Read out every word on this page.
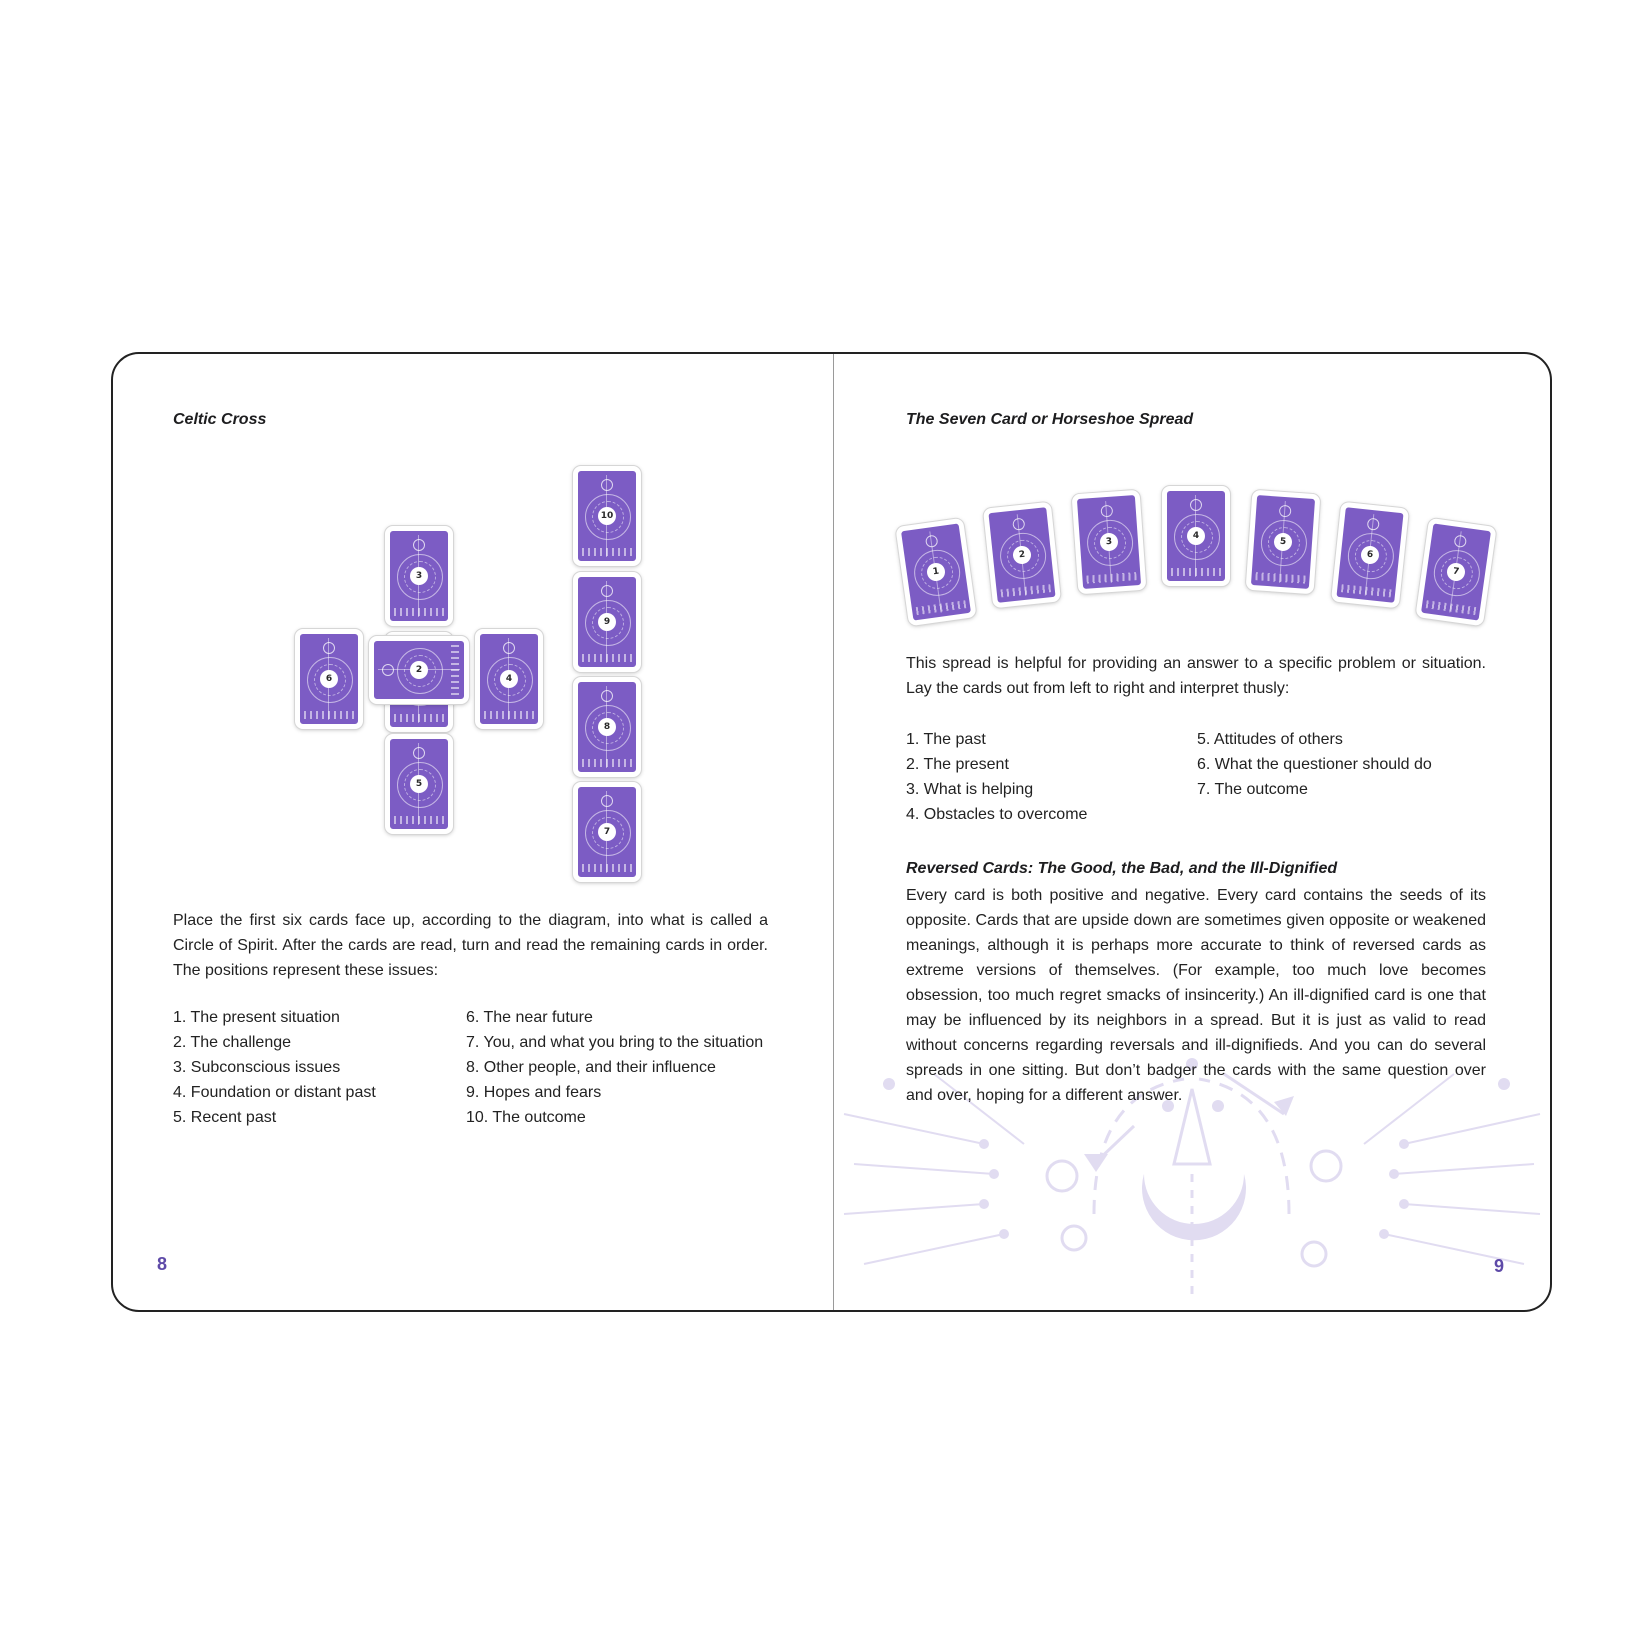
Celtic Cross
3
4
5
6
2
10
9
8
7

Place the first six cards face up, according to the diagram, into what is called a Circle of Spirit. After the cards are read, turn and read the remaining cards in order. The positions represent these issues:

1. The present situation
2. The challenge
3. Subconscious issues
4. Foundation or distant past
5. Recent past
6. The near future
7. You, and what you bring to the situation
8. Other people, and their influence
9. Hopes and fears
10. The outcome
8
The Seven Card or Horseshoe Spread
1
2
3
4
5
6
7

This spread is helpful for providing an answer to a specific problem or situation. Lay the cards out from left to right and interpret thusly:

1. The past
2. The present
3. What is helping
4. Obstacles to overcome
5. Attitudes of others
6. What the questioner should do
7. The outcome
Reversed Cards: The Good, the Bad, and the Ill-Dignified

Every card is both positive and negative. Every card contains the seeds of its opposite. Cards that are upside down are sometimes given opposite or weakened meanings, although it is perhaps more accurate to think of reversed cards as extreme versions of themselves. (For example, too much love becomes obsession, too much regret smacks of insincerity.) An ill-dignified card is one that may be influenced by its neighbors in a spread. But it is just as valid to read without concerns regarding reversals and ill-dignifieds. And you can do several spreads in one sitting. But don’t badger the cards with the same question over and over, hoping for a different answer.

9
